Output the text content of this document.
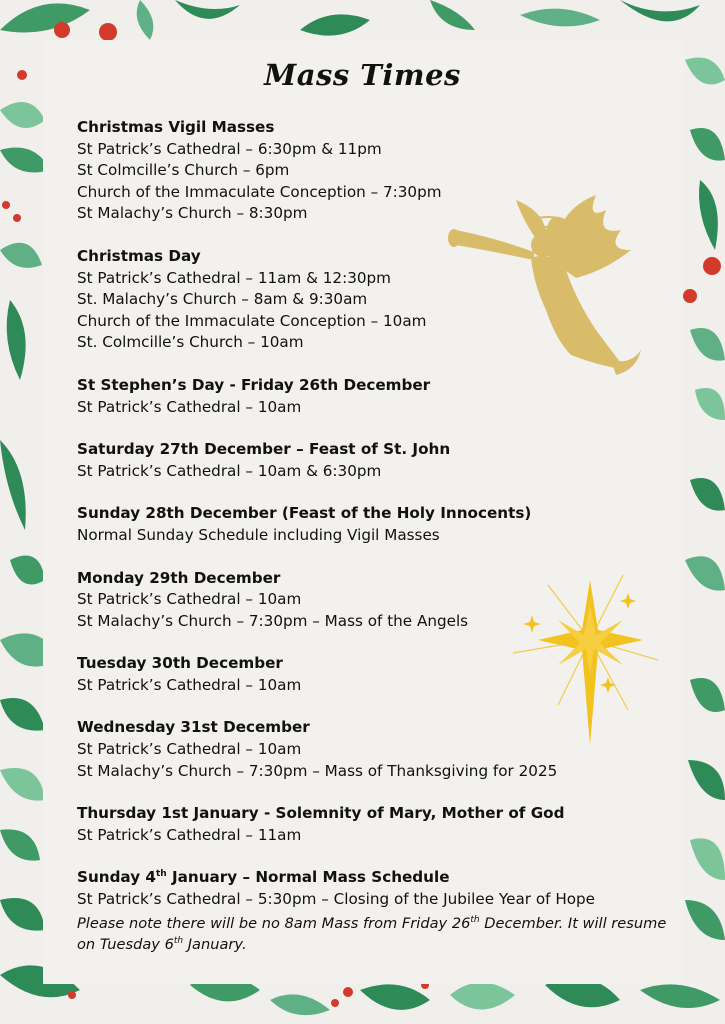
Mass Times
Christmas Vigil Masses
St Patrick’s Cathedral – 6:30pm & 11pm
St Colmcille’s Church – 6pm
Church of the Immaculate Conception – 7:30pm
St Malachy’s Church – 8:30pm
Christmas Day
St Patrick’s Cathedral – 11am & 12:30pm
St. Malachy’s Church – 8am & 9:30am
Church of the Immaculate Conception – 10am
St. Colmcille’s Church – 10am
St Stephen’s Day - Friday 26th December
St Patrick’s Cathedral – 10am
Saturday 27th December – Feast of St. John
St Patrick’s Cathedral – 10am & 6:30pm
Sunday 28th December (Feast of the Holy Innocents)
Normal Sunday Schedule including Vigil Masses
Monday 29th December
St Patrick’s Cathedral – 10am
St Malachy’s Church – 7:30pm – Mass of the Angels
Tuesday 30th December
St Patrick’s Cathedral – 10am
Wednesday 31st December
St Patrick’s Cathedral – 10am
St Malachy’s Church – 7:30pm – Mass of Thanksgiving for 2025
Thursday 1st January - Solemnity of Mary, Mother of God
St Patrick’s Cathedral – 11am
Sunday 4th January – Normal Mass Schedule
St Patrick’s Cathedral – 5:30pm – Closing of the Jubilee Year of Hope
Please note there will be no 8am Mass from Friday 26th December. It will resume on Tuesday 6th January.
